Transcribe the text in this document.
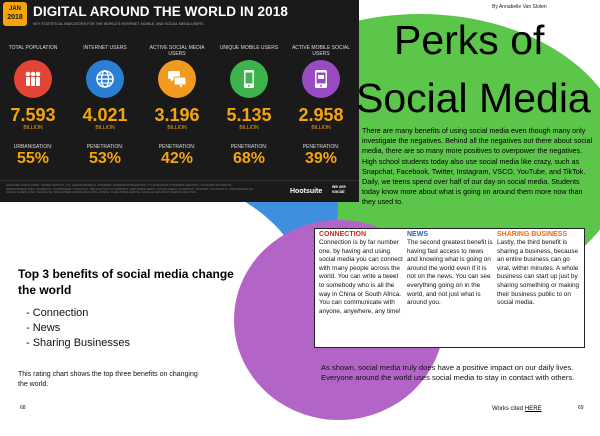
JAN
2018 DIGITAL AROUND THE WORLD IN 2018
KEY STATISTICAL INDICATORS FOR THE WORLD'S INTERNET, MOBILE, AND SOCIAL MEDIA USERS
TOTAL POPULATION
7.593
BILLION
URBANISATION:
55%
INTERNET USERS
4.021
BILLION
PENETRATION:
53%
ACTIVE SOCIAL MEDIA USERS
3.196
BILLION
PENETRATION:
42%
UNIQUE MOBILE USERS
5.135
BILLION
PENETRATION:
68%
ACTIVE MOBILE SOCIAL USERS
2.958
BILLION
PENETRATION:
39%
SOURCES: POPULATION: UNITED NATIONS; U.S. CENSUS BUREAU. INTERNET: INTERNETWORLDSTATS; ITU; EUROSTAT; INTERNETLIVESTATS; CIA WORLD FACTBOOK; MIDEASTMEDIA.ORG; FACEBOOK; GOVERNMENT OFFICIALS; REGULATORY AUTHORITIES; REPUTABLE MEDIA. SOCIAL MEDIA: FACEBOOK; TENCENT; VKONTAKTE; LIVEINTERNET.RU; KAKAO; NAVER; DING; TECHRASA; SIMILARWEB; KEPIOS ANALYSIS. MOBILE: GSMA INTELLIGENCE; GOOGLE; ERICSSON; KEPIOS ANALYSIS.	Hootsuite
we are social
By Annabelle Van Sloten
Perks of
Social Media
There are many benefits of using social media even though many only investigate the negatives. Behind all the negatives out there about social media, there are so many more positives to overpower the negatives. High school students today also use social media like crazy, such as Snapchat, Facebook, Twitter, Instagram, VSCO, YouTube, and TikTok. Daily, we teens spend over half of our day on social media. Students today know more about what is going on around them more now than they used to.
CONNECTION
Connection is by far number one. by having and using social media you can connect with many people across the world. You can write a tweet to somebody who is all the way in China or South Africa. You can communicate with anyone, anywhere, any time!
NEWS
The second greatest benefit is having fast access to news and knowing what is going on around the world even if it is not on the news. You can see everything going on in the world, and not just what is around you.
SHARING BUSINESS
Lastly, the third benefit is sharing a business, because an entire business can go viral, within minutes. A whole business can start up just by sharing something or making their business public to on social media.
Top 3 benefits of social media change the world
- Connection
- News
- Sharing Businesses
This rating chart shows the top three benefits on changing the world.
As shown, social media truly does have a positive impact on our daily lives. Everyone around the world uses social media to stay in contact with others.
68	69
Works cited HERE
